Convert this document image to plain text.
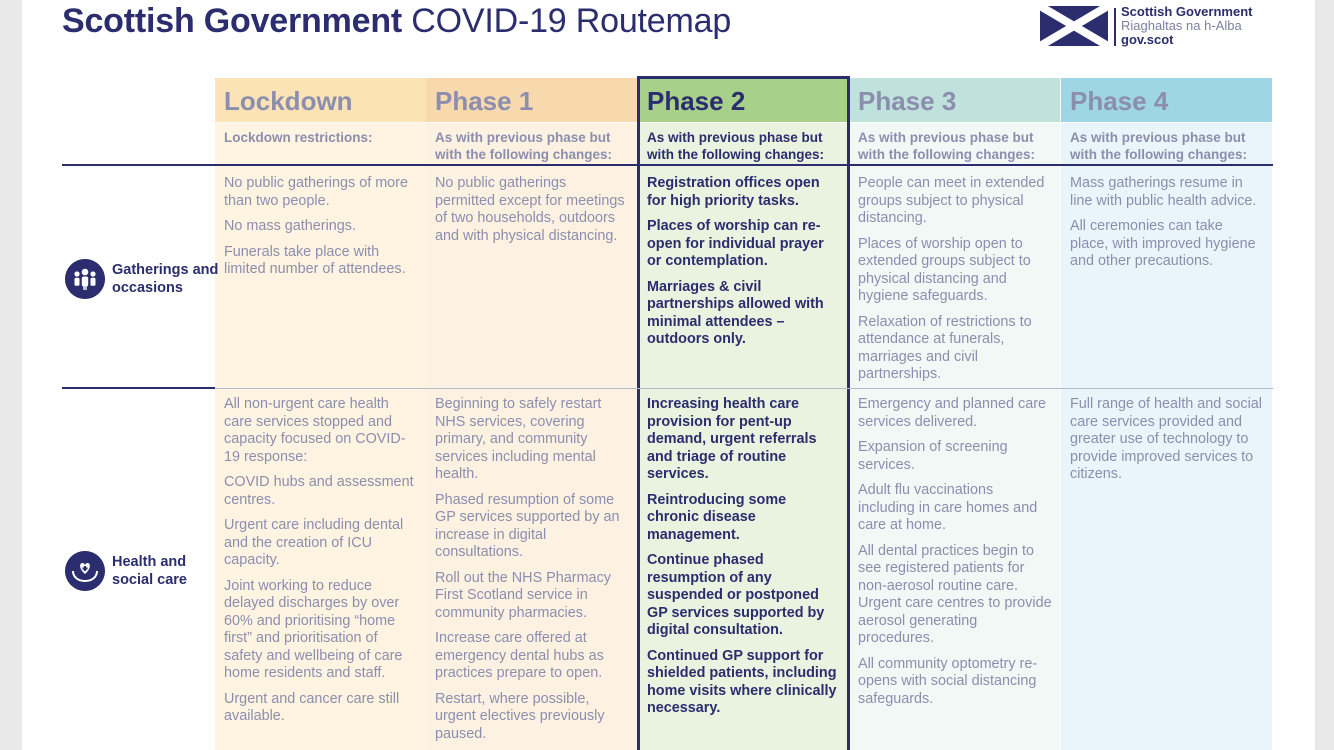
Scottish Government COVID-19 Routemap	Scottish Government
Riaghaltas na h-Alba
gov.scot
Lockdown
Lockdown restrictions:

No public gatherings of more than two people.

No mass gatherings.

Funerals take place with limited number of attendees.

All non-urgent care health care services stopped and capacity focused on COVID-19 response:

COVID hubs and assessment centres.

Urgent care including dental and the creation of ICU capacity.

Joint working to reduce delayed discharges by over 60% and prioritising “home first” and prioritisation of safety and wellbeing of care home residents and staff.

Urgent and cancer care still available.

Phase 1
As with previous phase but with the following changes:

No public gatherings permitted except for meetings of two households, outdoors and with physical distancing.

Beginning to safely restart NHS services, covering primary, and community services including mental health.

Phased resumption of some GP services supported by an increase in digital consultations.

Roll out the NHS Pharmacy First Scotland service in community pharmacies.

Increase care offered at emergency dental hubs as practices prepare to open.

Restart, where possible, urgent electives previously paused.

Phase 2
As with previous phase but with the following changes:

Registration offices open for high priority tasks.

Places of worship can re-open for individual prayer or contemplation.

Marriages & civil partnerships allowed with minimal attendees – outdoors only.

Increasing health care provision for pent-up demand, urgent referrals and triage of routine services.

Reintroducing some chronic disease management.

Continue phased resumption of any suspended or postponed GP services supported by digital consultation.

Continued GP support for shielded patients, including home visits where clinically necessary.

Phase 3
As with previous phase but with the following changes:

People can meet in extended groups subject to physical distancing.

Places of worship open to extended groups subject to physical distancing and hygiene safeguards.

Relaxation of restrictions to attendance at funerals, marriages and civil partnerships.

Emergency and planned care services delivered.

Expansion of screening services.

Adult flu vaccinations including in care homes and care at home.

All dental practices begin to see registered patients for non-aerosol routine care. Urgent care centres to provide aerosol generating procedures.

All community optometry re-opens with social distancing safeguards.

Phase 4
As with previous phase but with the following changes:

Mass gatherings resume in line with public health advice.

All ceremonies can take place, with improved hygiene and other precautions.

Full range of health and social care services provided and greater use of technology to provide improved services to citizens.

Gatherings and occasions
Health and social care
